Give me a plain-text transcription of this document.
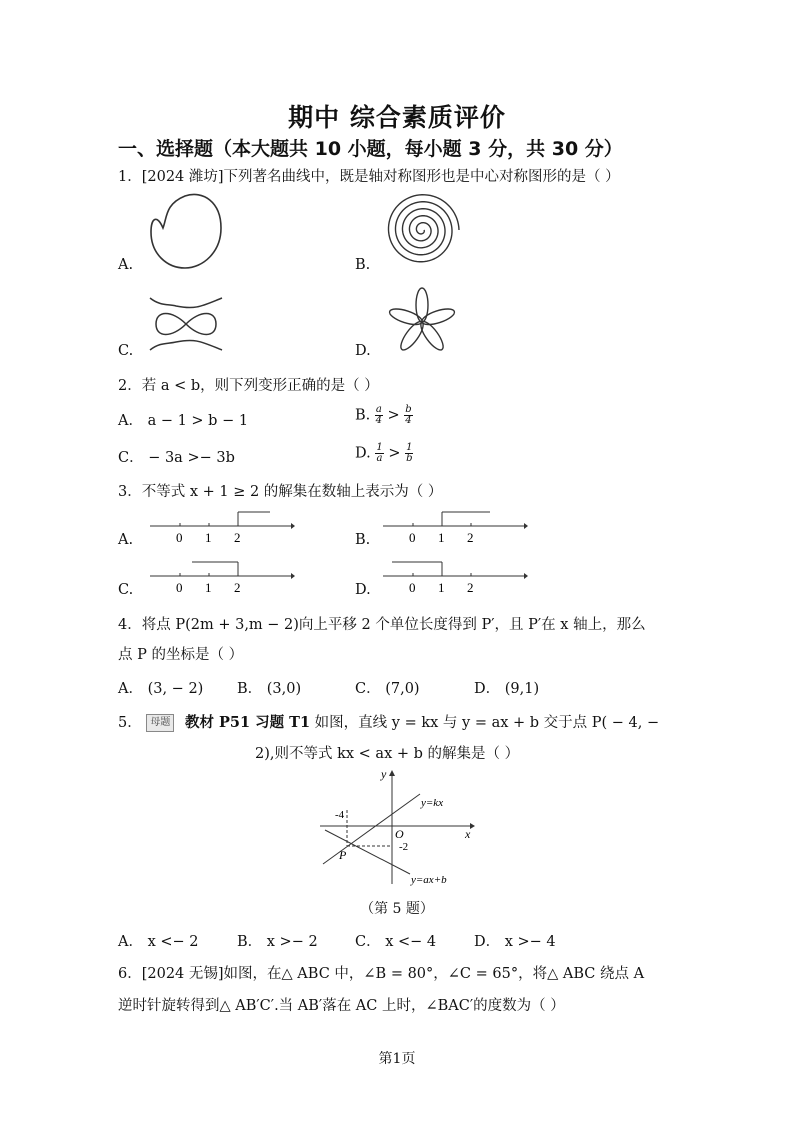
期中 综合素质评价
一、选择题（本大题共 10 小题，每小题 3 分，共 30 分）
1．[2024 潍坊]下列著名曲线中，既是轴对称图形也是中心对称图形的是（ ）
A.	B.
C.	D.
2．若 a < b，则下列变形正确的是（ ）
A． a − 1 > b − 1	B. $\frac{a}{4} > \frac{b}{4}$
C． − 3a >− 3b	D. $\frac{1}{a} > \frac{1}{b}$
3．不等式 x + 1 ≥ 2 的解集在数轴上表示为（ ）
A.	0 1 2	B.	0 1 2
C.	0 1 2	D.	0 1 2
4．将点 P(2m + 3,m − 2)向上平移 2 个单位长度得到 P′，且 P′在 x 轴上，那么
点 P 的坐标是（ ）
A． (3, − 2) B． (3,0)	C． (7,0)	D． (9,1)
5． 母题 教材 P51 习题 T1 如图，直线 y = kx 与 y = ax + b 交于点 P( − 4, −
2),则不等式 kx < ax + b 的解集是（ ）
y
x
O
y=kx
y=ax+b
P
-4
-2
（第 5 题）
A． x <− 2	B． x >− 2	C． x <− 4	D． x >− 4
6．[2024 无锡]如图，在△ ABC 中，∠B = 80°，∠C = 65°，将△ ABC 绕点 A
逆时针旋转得到△ AB′C′.当 AB′落在 AC 上时，∠BAC′的度数为（ ）
第1页
